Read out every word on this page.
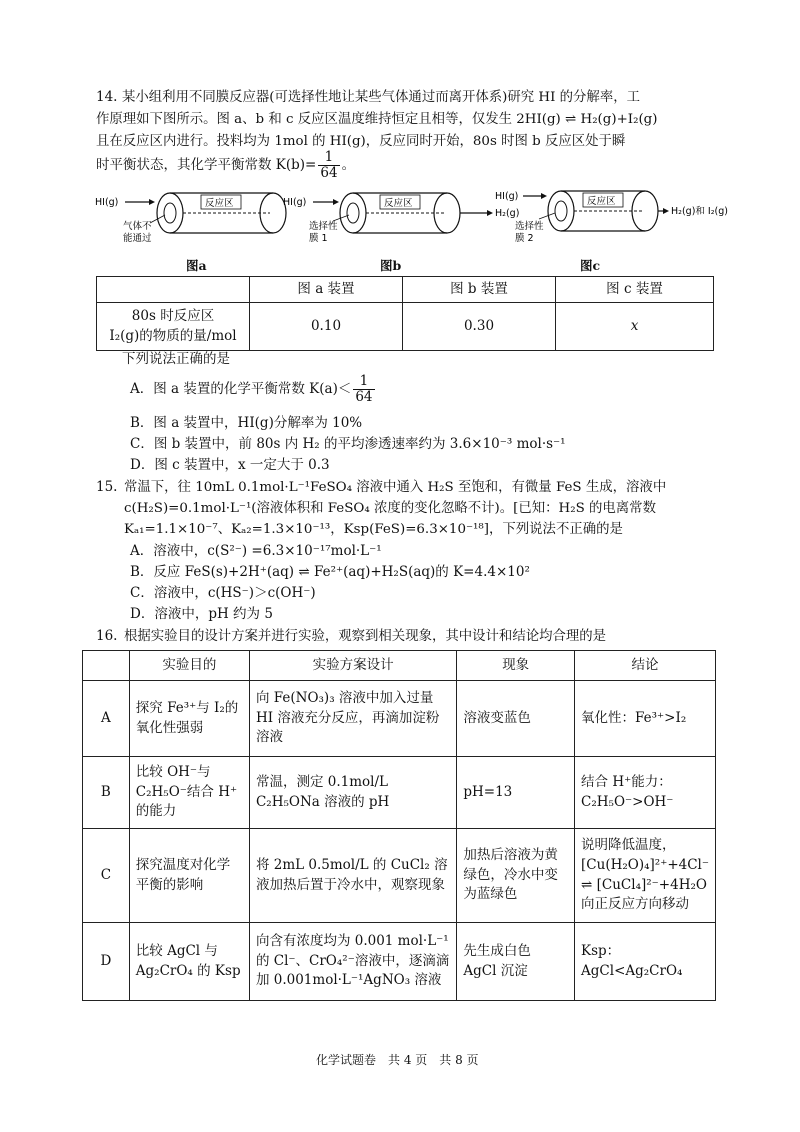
14. 某小组利用不同膜反应器(可选择性地让某些气体通过而离开体系)研究 HI 的分解率，工
作原理如下图所示。图 a、b 和 c 反应区温度维持恒定且相等，仅发生 2HI(g) ⇌ H₂(g)+I₂(g)
且在反应区内进行。投料均为 1mol 的 HI(g)，反应同时开始，80s 时图 b 反应区处于瞬
时平衡状态，其化学平衡常数 $K(b)= \frac{1}{64}$ 。
HI(g)	反应区
气体不
能通过
HI(g)	反应区
H₂(g)
选择性
膜 1
HI(g)	反应区
H₂(g)和 I₂(g)
选择性
膜 2
图a	图b	图c
	图 a 装置	图 b 装置	图 c 装置

80s 时反应区
I₂(g)的物质的量/mol	0.10	0.30	x
下列说法正确的是
A．图 a 装置的化学平衡常数 $K(a)< \frac{1}{64}$
B．图 a 装置中，HI(g)分解率为 10%
C．图 b 装置中，前 80s 内 H₂ 的平均渗透速率约为 3.6×10⁻³ mol·s⁻¹
D．图 c 装置中，x 一定大于 0.3
15. 常温下，往 10mL 0.1mol·L⁻¹FeSO₄ 溶液中通入 H₂S 至饱和，有微量 FeS 生成，溶液中
c(H₂S)=0.1mol·L⁻¹(溶液体积和 FeSO₄ 浓度的变化忽略不计)。[已知：H₂S 的电离常数
Kₐ₁=1.1×10⁻⁷、Kₐ₂=1.3×10⁻¹³，Ksp(FeS)=6.3×10⁻¹⁸]，下列说法不正确的是
A．溶液中，c(S²⁻) =6.3×10⁻¹⁷mol·L⁻¹
B．反应 FeS(s)+2H⁺(aq) ⇌ Fe²⁺(aq)+H₂S(aq)的 K=4.4×10²
C．溶液中，c(HS⁻)＞c(OH⁻)
D．溶液中，pH 约为 5
16. 根据实验目的设计方案并进行实验，观察到相关现象，其中设计和结论均合理的是
	实验目的	实验方案设计	现象	结论
A	探究 Fe³⁺与 I₂的氧化性强弱	向 Fe(NO₃)₃ 溶液中加入过量 HI 溶液充分反应，再滴加淀粉溶液	溶液变蓝色	氧化性：Fe³⁺>I₂
B	比较 OH⁻与 C₂H₅O⁻结合 H⁺的能力	常温，测定 0.1mol/L C₂H₅ONa 溶液的 pH	pH=13	结合 H⁺能力：C₂H₅O⁻>OH⁻
C	探究温度对化学平衡的影响	将 2mL 0.5mol/L 的 CuCl₂ 溶液加热后置于冷水中，观察现象	加热后溶液为黄绿色，冷水中变为蓝绿色	说明降低温度，[Cu(H₂O)₄]²⁺+4Cl⁻ ⇌ [CuCl₄]²⁻+4H₂O 向正反应方向移动
D	比较 AgCl 与 Ag₂CrO₄ 的 Ksp	向含有浓度均为 0.001 mol·L⁻¹ 的 Cl⁻、CrO₄²⁻溶液中，逐滴滴加 0.001mol·L⁻¹AgNO₃ 溶液	先生成白色 AgCl 沉淀	Ksp：AgCl<Ag₂CrO₄
化学试题卷　共 4 页　共 8 页
